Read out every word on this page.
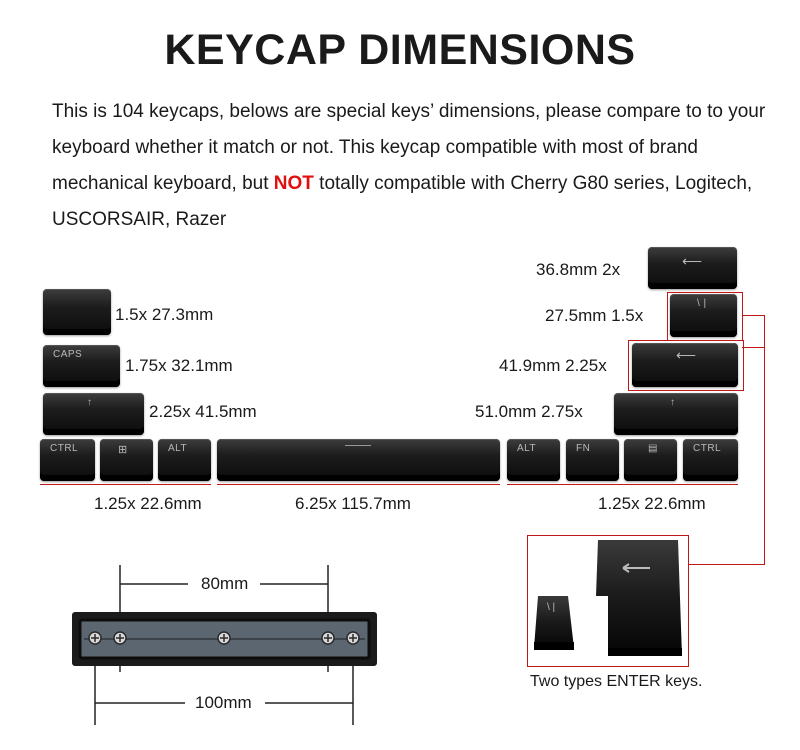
KEYCAP DIMENSIONS
This is 104 keycaps, belows are special keys’ dimensions, please compare to to your keyboard whether it match or not. This keycap compatible with most of brand mechanical keyboard, but NOT totally compatible with Cherry G80 series, Logitech, USCORSAIR, Razer
1.5x 27.3mm
CAPS
1.75x 32.1mm
↑	2.25x 41.5mm
36.8mm 2x	⟵
27.5mm 1.5x
\ |
41.9mm 2.25x
⟵
51.0mm 2.75x	↑
CTRL	⊞	ALT	ALT	FN	▤	CTRL
1.25x 22.6mm	6.25x 115.7mm	1.25x 22.6mm
80mm
100mm
\ |
Two types ENTER keys.
